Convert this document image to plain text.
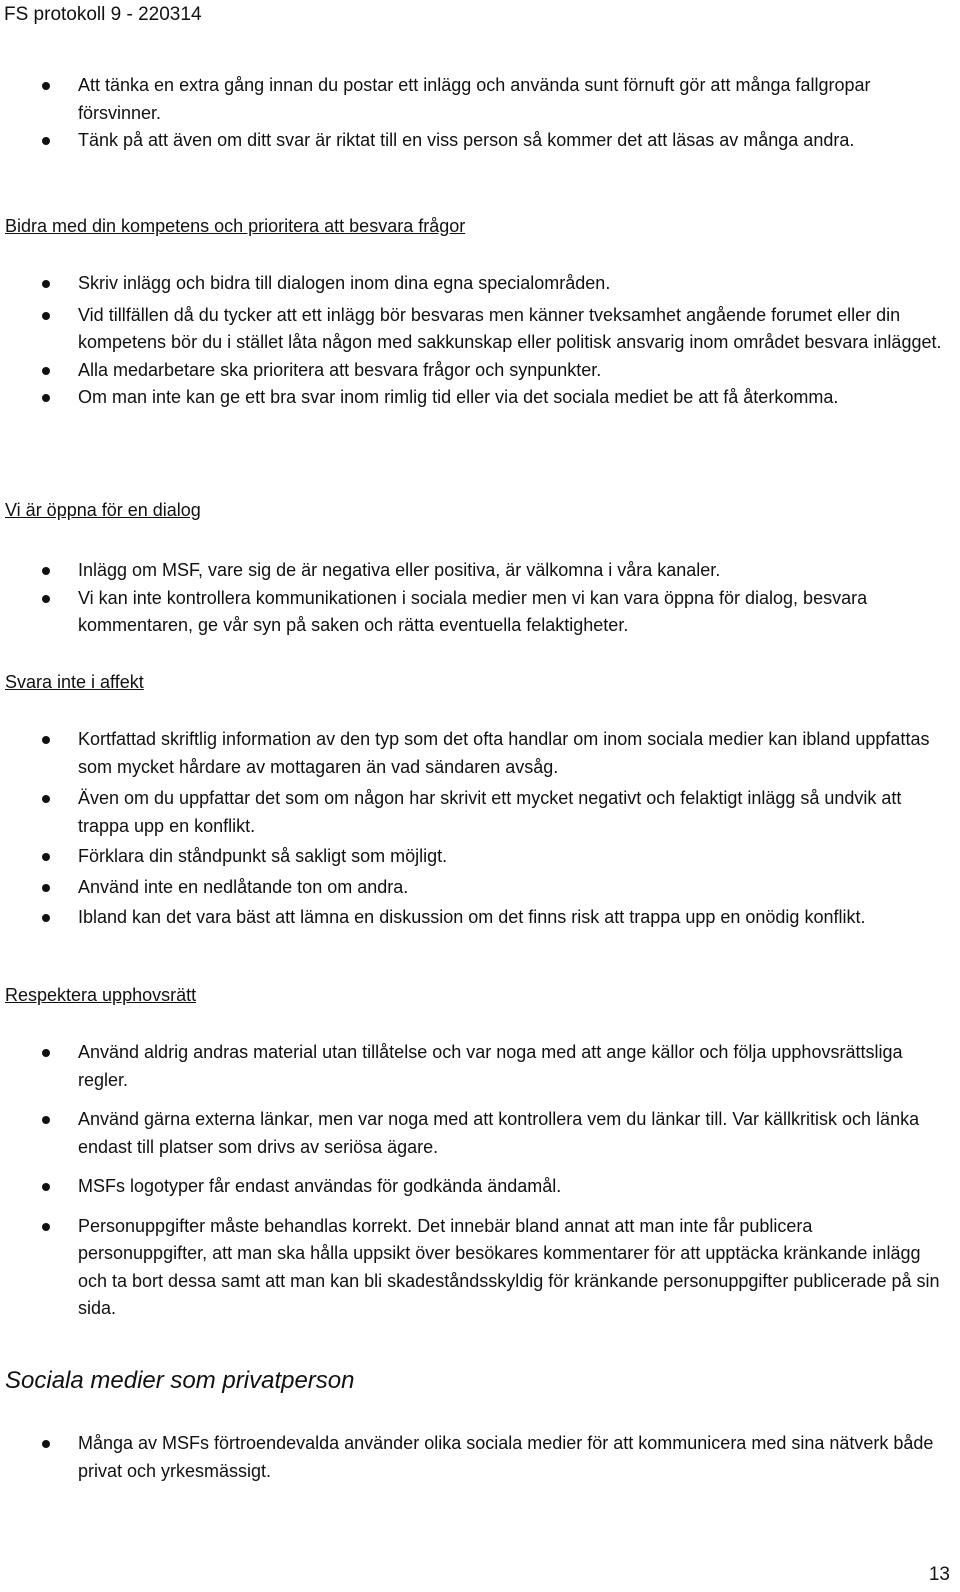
FS protokoll 9 - 220314
Att tänka en extra gång innan du postar ett inlägg och använda sunt förnuft gör att många fallgropar försvinner.
Tänk på att även om ditt svar är riktat till en viss person så kommer det att läsas av många andra.
Bidra med din kompetens och prioritera att besvara frågor
Skriv inlägg och bidra till dialogen inom dina egna specialområden.
Vid tillfällen då du tycker att ett inlägg bör besvaras men känner tveksamhet angående forumet eller din kompetens bör du i stället låta någon med sakkunskap eller politisk ansvarig inom området besvara inlägget.
Alla medarbetare ska prioritera att besvara frågor och synpunkter.
Om man inte kan ge ett bra svar inom rimlig tid eller via det sociala mediet be att få återkomma.
Vi är öppna för en dialog
Inlägg om MSF, vare sig de är negativa eller positiva, är välkomna i våra kanaler.
Vi kan inte kontrollera kommunikationen i sociala medier men vi kan vara öppna för dialog, besvara kommentaren, ge vår syn på saken och rätta eventuella felaktigheter.
Svara inte i affekt
Kortfattad skriftlig information av den typ som det ofta handlar om inom sociala medier kan ibland uppfattas som mycket hårdare av mottagaren än vad sändaren avsåg.
Även om du uppfattar det som om någon har skrivit ett mycket negativt och felaktigt inlägg så undvik att trappa upp en konflikt.
Förklara din ståndpunkt så sakligt som möjligt.
Använd inte en nedlåtande ton om andra.
Ibland kan det vara bäst att lämna en diskussion om det finns risk att trappa upp en onödig konflikt.
Respektera upphovsrätt
Använd aldrig andras material utan tillåtelse och var noga med att ange källor och följa upphovsrättsliga regler.
Använd gärna externa länkar, men var noga med att kontrollera vem du länkar till. Var källkritisk och länka endast till platser som drivs av seriösa ägare.
MSFs logotyper får endast användas för godkända ändamål.
Personuppgifter måste behandlas korrekt. Det innebär bland annat att man inte får publicera personuppgifter, att man ska hålla uppsikt över besökares kommentarer för att upptäcka kränkande inlägg och ta bort dessa samt att man kan bli skadeståndsskyldig för kränkande personuppgifter publicerade på sin sida.
Sociala medier som privatperson
Många av MSFs förtroendevalda använder olika sociala medier för att kommunicera med sina nätverk både privat och yrkesmässigt.
13
